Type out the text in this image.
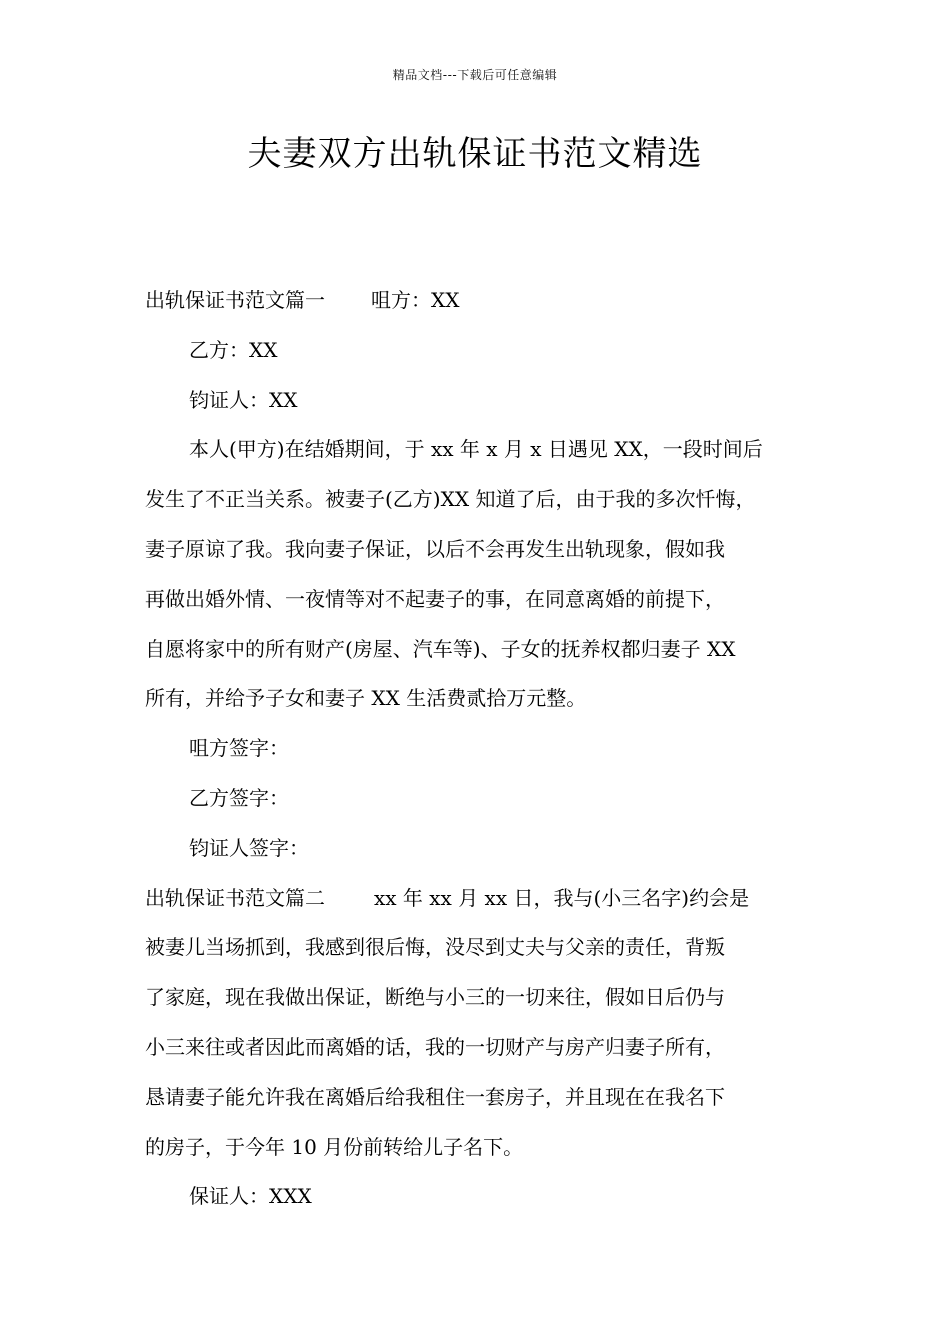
精品文档---下载后可任意编辑
夫妻双方出轨保证书范文精选
出轨保证书范文篇一 咀方：XX
乙方：XX
钧证人：XX
本人(甲方)在结婚期间，于 xx 年 x 月 x 日遇见 XX，一段时间后
发生了不正当关系。被妻子(乙方)XX 知道了后，由于我的多次忏悔，
妻子原谅了我。我向妻子保证，以后不会再发生出轨现象，假如我
再做出婚外情、一夜情等对不起妻子的事，在同意离婚的前提下，
自愿将家中的所有财产(房屋、汽车等)、子女的抚养权都归妻子 XX
所有，并给予子女和妻子 XX 生活费贰拾万元整。
咀方签字：
乙方签字：
钧证人签字：
出轨保证书范文篇二 xx 年 xx 月 xx 日，我与(小三名字)约会是
被妻儿当场抓到，我感到很后悔，没尽到丈夫与父亲的责任，背叛
了家庭，现在我做出保证，断绝与小三的一切来往，假如日后仍与
小三来往或者因此而离婚的话，我的一切财产与房产归妻子所有，
恳请妻子能允许我在离婚后给我租住一套房子，并且现在在我名下
的房子，于今年 10 月份前转给儿子名下。
保证人：XXX
